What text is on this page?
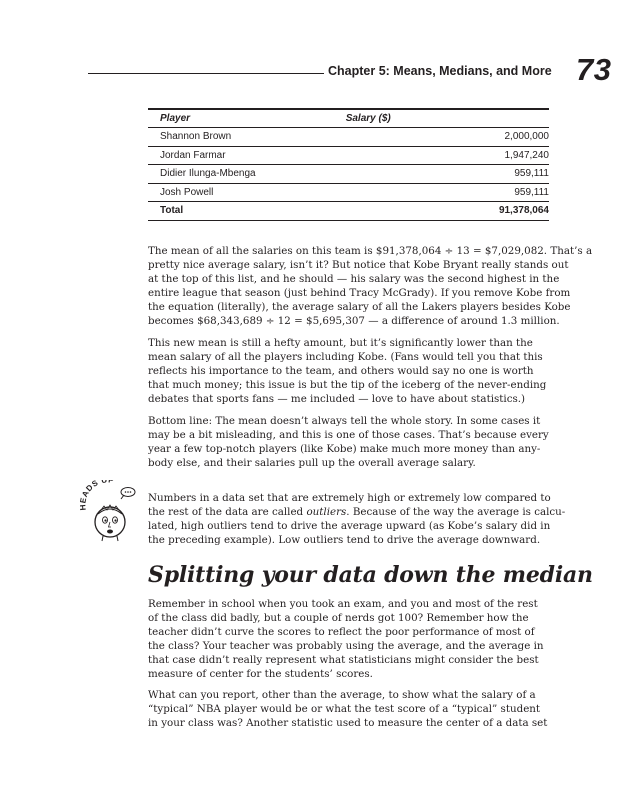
Chapter 5: Means, Medians, and More 73
Player	Salary ($)
Shannon Brown	2,000,000
Jordan Farmar	1,947,240
Didier Ilunga-Mbenga	959,111
Josh Powell	959,111
Total	91,378,064

The mean of all the salaries on this team is $91,378,064 ÷ 13 = $7,029,082. That’s a
pretty nice average salary, isn’t it? But notice that Kobe Bryant really stands out
at the top of this list, and he should — his salary was the second highest in the
entire league that season (just behind Tracy McGrady). If you remove Kobe from
the equation (literally), the average salary of all the Lakers players besides Kobe
becomes $68,343,689 ÷ 12 = $5,695,307 — a difference of around 1.3 million.

This new mean is still a hefty amount, but it’s significantly lower than the
mean salary of all the players including Kobe. (Fans would tell you that this
reflects his importance to the team, and others would say no one is worth
that much money; this issue is but the tip of the iceberg of the never-ending
debates that sports fans — me included — love to have about statistics.)

Bottom line: The mean doesn’t always tell the whole story. In some cases it
may be a bit misleading, and this is one of those cases. That’s because every
year a few top-notch players (like Kobe) make much more money than any-
body else, and their salaries pull up the overall average salary.

ADS UP

Numbers in a data set that are extremely high or extremely low compared to
the rest of the data are called outliers. Because of the way the average is calcu-
lated, high outliers tend to drive the average upward (as Kobe’s salary did in
the preceding example). Low outliers tend to drive the average downward.

Splitting your data down the median

Remember in school when you took an exam, and you and most of the rest
of the class did badly, but a couple of nerds got 100? Remember how the
teacher didn’t curve the scores to reflect the poor performance of most of
the class? Your teacher was probably using the average, and the average in
that case didn’t really represent what statisticians might consider the best
measure of center for the students’ scores.

What can you report, other than the average, to show what the salary of a
“typical” NBA player would be or what the test score of a “typical” student
in your class was? Another statistic used to measure the center of a data set
